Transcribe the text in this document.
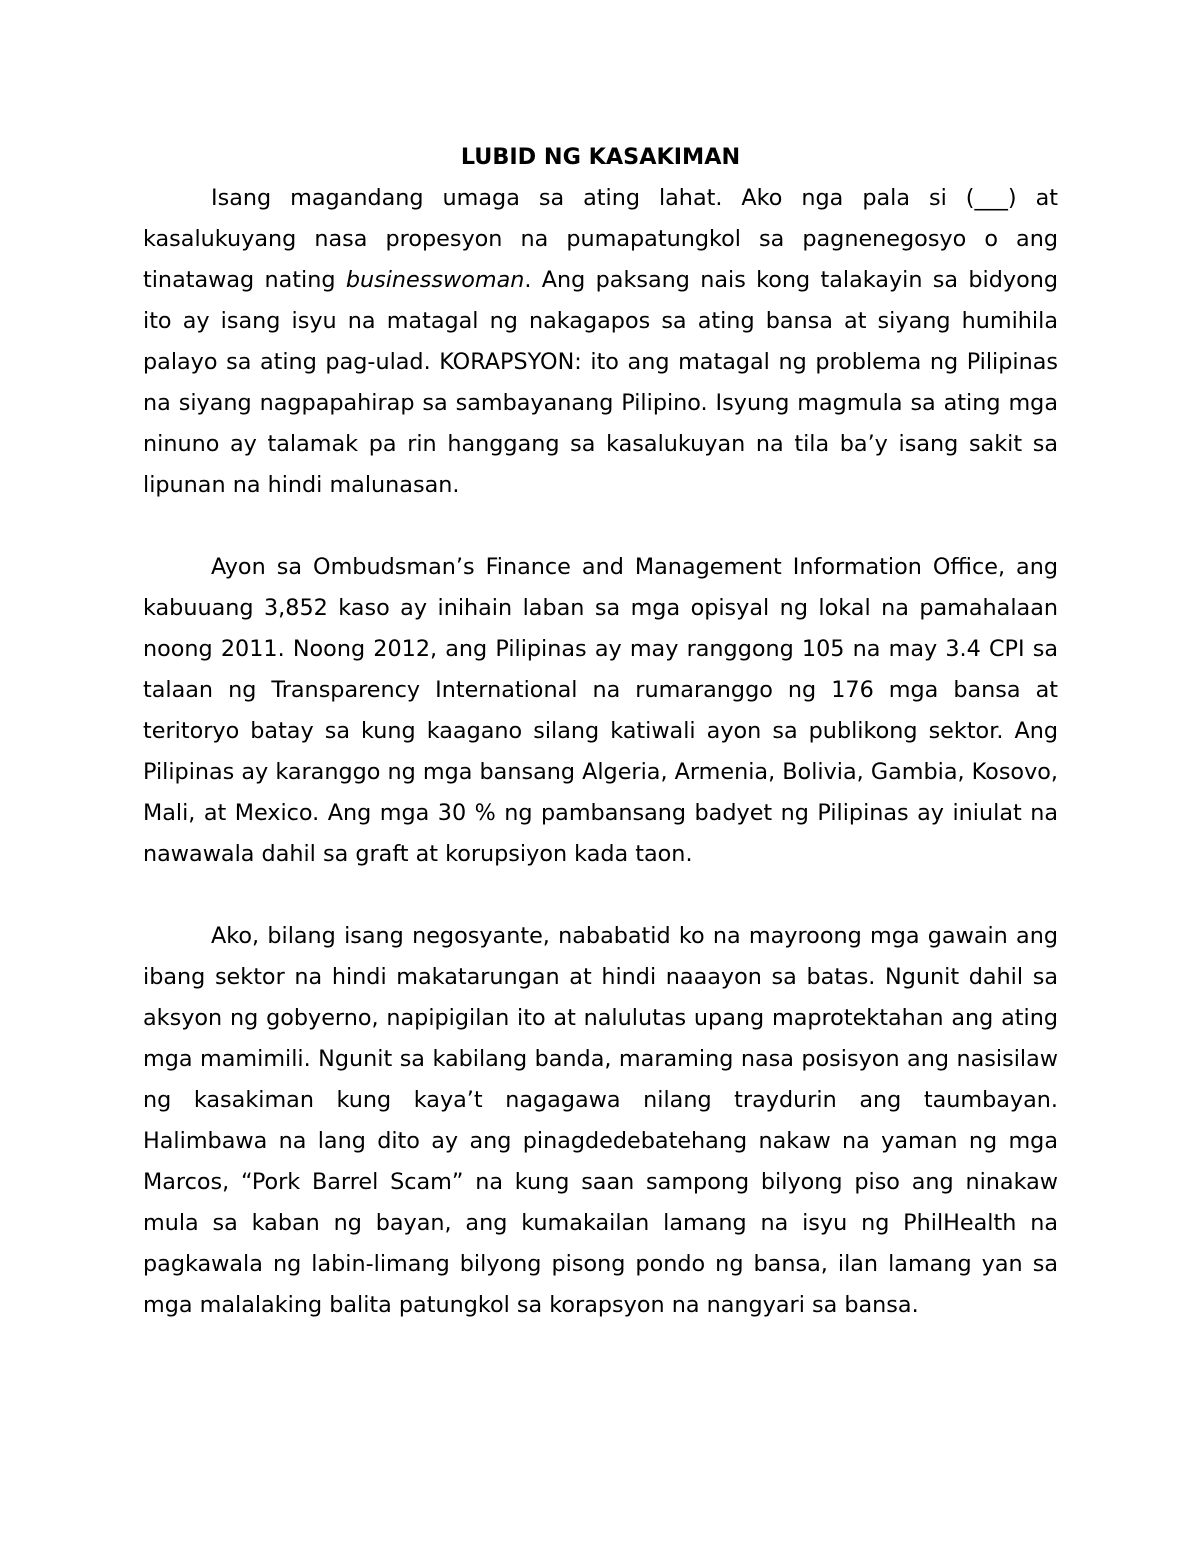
LUBID NG KASAKIMAN

Isang magandang umaga sa ating lahat. Ako nga pala si (___) at kasalukuyang nasa propesyon na pumapatungkol sa pagnenegosyo o ang tinatawag nating businesswoman. Ang paksang nais kong talakayin sa bidyong ito ay isang isyu na matagal ng nakagapos sa ating bansa at siyang humihila palayo sa ating pag-ulad. KORAPSYON: ito ang matagal ng problema ng Pilipinas na siyang nagpapahirap sa sambayanang Pilipino. Isyung magmula sa ating mga ninuno ay talamak pa rin hanggang sa kasalukuyan na tila ba’y isang sakit sa lipunan na hindi malunasan.

Ayon sa Ombudsman’s Finance and Management Information Office, ang kabuuang 3,852 kaso ay inihain laban sa mga opisyal ng lokal na pamahalaan noong 2011. Noong 2012, ang Pilipinas ay may ranggong 105 na may 3.4 CPI sa talaan ng Transparency International na rumaranggo ng 176 mga bansa at teritoryo batay sa kung kaagano silang katiwali ayon sa publikong sektor. Ang Pilipinas ay karanggo ng mga bansang Algeria, Armenia, Bolivia, Gambia, Kosovo, Mali, at Mexico. Ang mga 30 % ng pambansang badyet ng Pilipinas ay iniulat na nawawala dahil sa graft at korupsiyon kada taon.

Ako, bilang isang negosyante, nababatid ko na mayroong mga gawain ang ibang sektor na hindi makatarungan at hindi naaayon sa batas. Ngunit dahil sa aksyon ng gobyerno, napipigilan ito at nalulutas upang maprotektahan ang ating mga mamimili. Ngunit sa kabilang banda, maraming nasa posisyon ang nasisilaw ng kasakiman kung kaya’t nagagawa nilang traydurin ang taumbayan. Halimbawa na lang dito ay ang pinagdedebatehang nakaw na yaman ng mga Marcos, “Pork Barrel Scam” na kung saan sampong bilyong piso ang ninakaw mula sa kaban ng bayan, ang kumakailan lamang na isyu ng PhilHealth na pagkawala ng labin-limang bilyong pisong pondo ng bansa, ilan lamang yan sa mga malalaking balita patungkol sa korapsyon na nangyari sa bansa.
